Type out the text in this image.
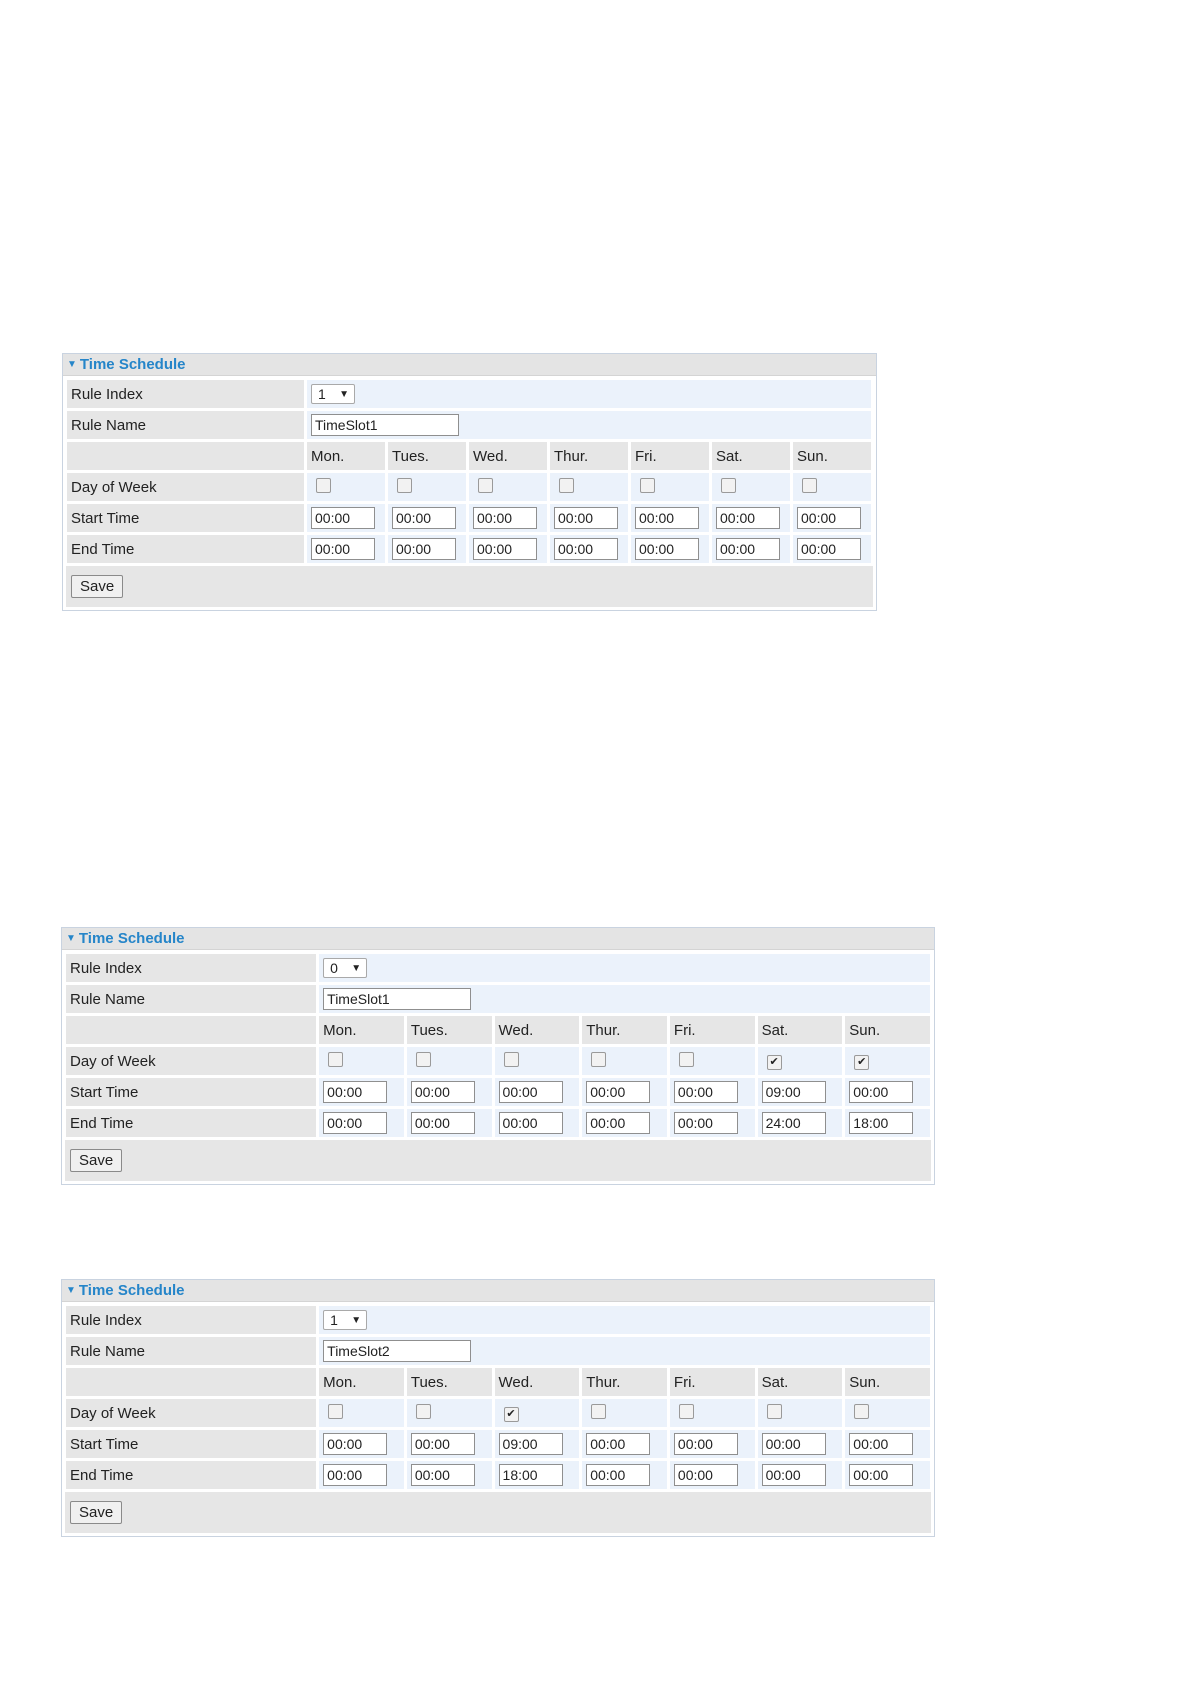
▼ Time Schedule
Rule Index	1 ▼						

Rule Name	TimeSlot1						
	Mon.	Tues.	Wed.	Thur.	Fri.	Sat.	Sun.
Day of Week							
Start Time	00:00	00:00	00:00	00:00	00:00	00:00	00:00
End Time	00:00	00:00	00:00	00:00	00:00	00:00	00:00
Save
▼ Time Schedule
Rule Index	0 ▼						

Rule Name	TimeSlot1						
	Mon.	Tues.	Wed.	Thur.	Fri.	Sat.	Sun.
Day of Week						✔	✔
Start Time	00:00	00:00	00:00	00:00	00:00	09:00	00:00
End Time	00:00	00:00	00:00	00:00	00:00	24:00	18:00
Save
▼ Time Schedule
Rule Index	1 ▼						

Rule Name	TimeSlot2						
	Mon.	Tues.	Wed.	Thur.	Fri.	Sat.	Sun.
Day of Week			✔				
Start Time	00:00	00:00	09:00	00:00	00:00	00:00	00:00
End Time	00:00	00:00	18:00	00:00	00:00	00:00	00:00
Save
